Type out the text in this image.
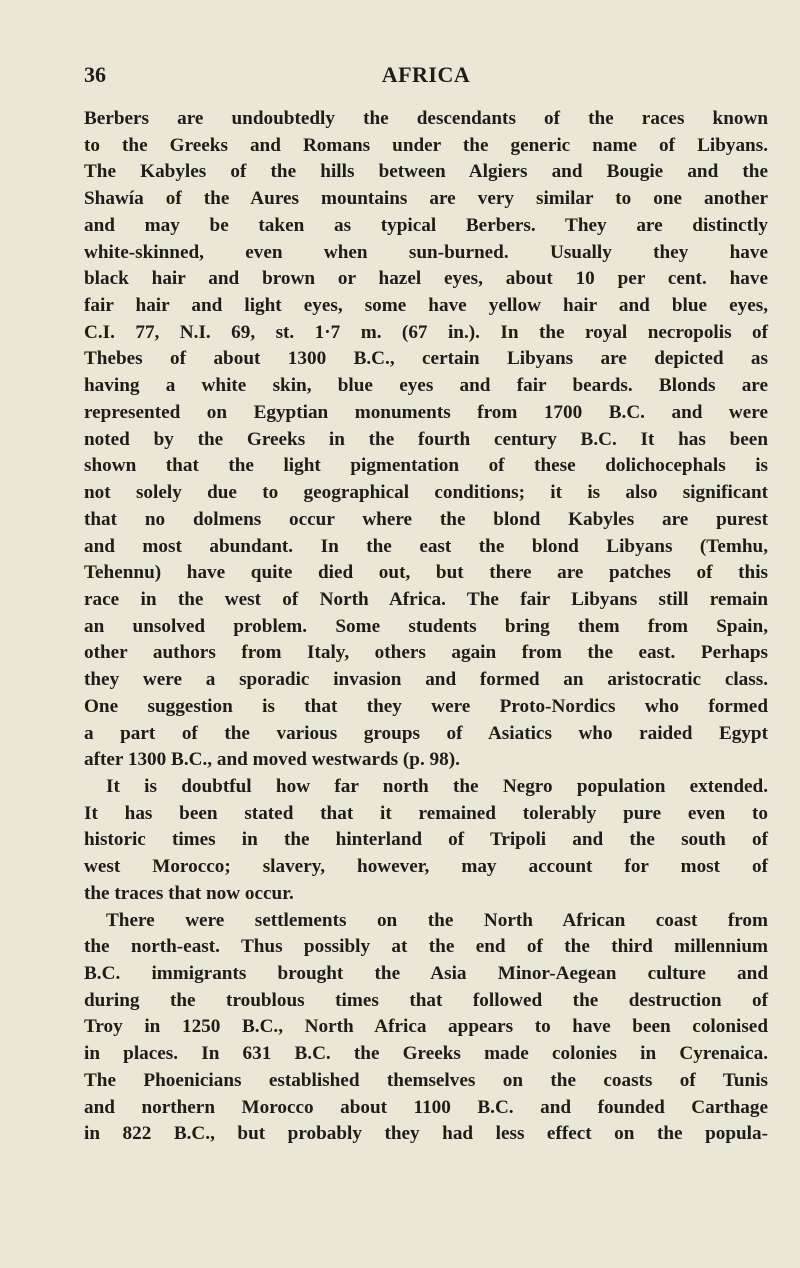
36	AFRICA
Berbers are undoubtedly the descendants of the races known
to the Greeks and Romans under the generic name of Libyans.
The Kabyles of the hills between Algiers and Bougie and the
Shawía of the Aures mountains are very similar to one another
and may be taken as typical Berbers. They are distinctly
white-skinned, even when sun-burned. Usually they have
black hair and brown or hazel eyes, about 10 per cent. have
fair hair and light eyes, some have yellow hair and blue eyes,
C.I. 77, N.I. 69, st. 1·7 m. (67 in.). In the royal necropolis of
Thebes of about 1300 B.C., certain Libyans are depicted as
having a white skin, blue eyes and fair beards. Blonds are
represented on Egyptian monuments from 1700 B.C. and were
noted by the Greeks in the fourth century B.C. It has been
shown that the light pigmentation of these dolichocephals is
not solely due to geographical conditions; it is also significant
that no dolmens occur where the blond Kabyles are purest
and most abundant. In the east the blond Libyans (Temhu,
Tehennu) have quite died out, but there are patches of this
race in the west of North Africa. The fair Libyans still remain
an unsolved problem. Some students bring them from Spain,
other authors from Italy, others again from the east. Perhaps
they were a sporadic invasion and formed an aristocratic class.
One suggestion is that they were Proto-Nordics who formed
a part of the various groups of Asiatics who raided Egypt
after 1300 B.C., and moved westwards (p. 98).
It is doubtful how far north the Negro population extended.
It has been stated that it remained tolerably pure even to
historic times in the hinterland of Tripoli and the south of
west Morocco; slavery, however, may account for most of
the traces that now occur.
There were settlements on the North African coast from
the north-east. Thus possibly at the end of the third millennium
B.C. immigrants brought the Asia Minor-Aegean culture and
during the troublous times that followed the destruction of
Troy in 1250 B.C., North Africa appears to have been colonised
in places. In 631 B.C. the Greeks made colonies in Cyrenaica.
The Phoenicians established themselves on the coasts of Tunis
and northern Morocco about 1100 B.C. and founded Carthage
in 822 B.C., but probably they had less effect on the popula-
